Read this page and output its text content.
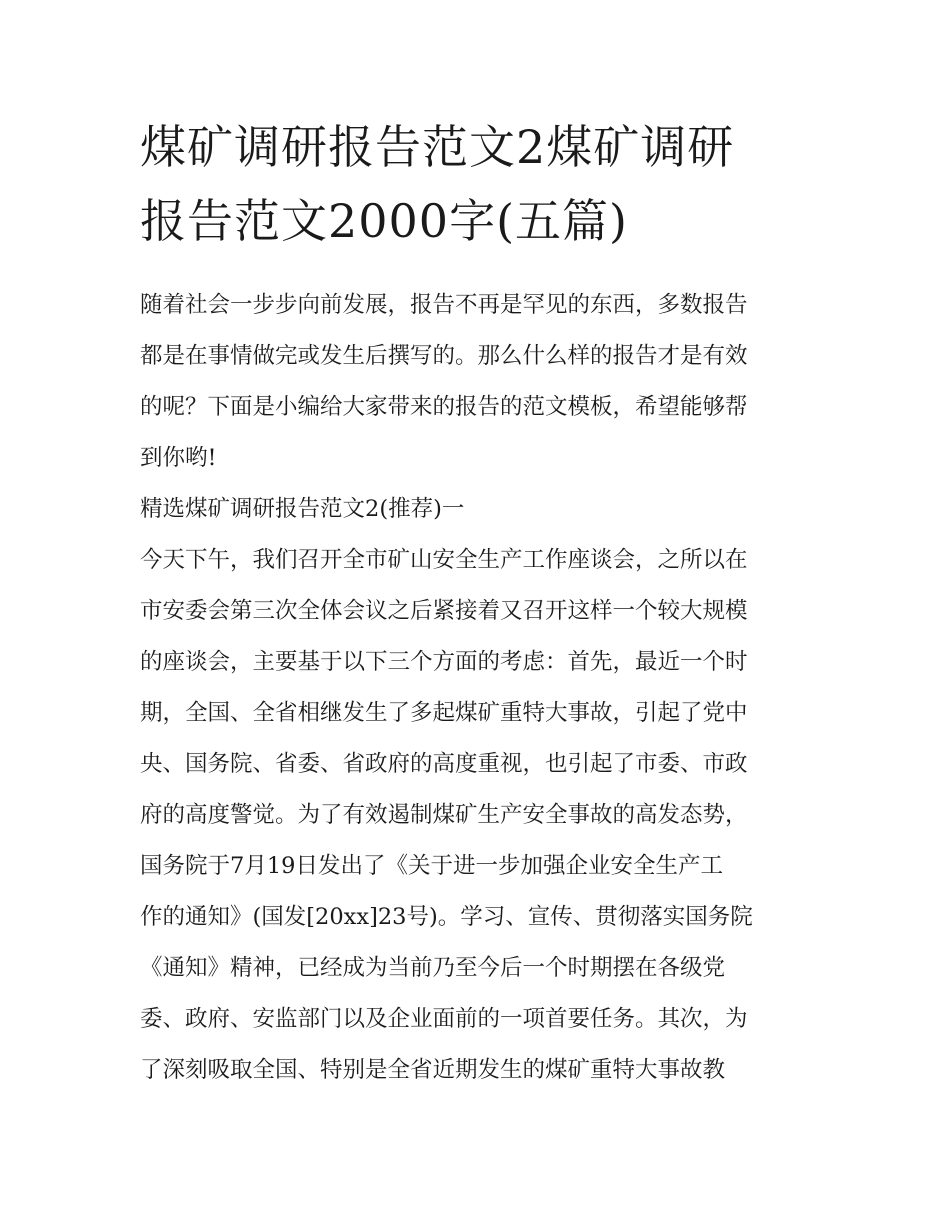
煤矿调研报告范文2煤矿调研
报告范文2000字(五篇)
随着社会一步步向前发展，报告不再是罕见的东西，多数报告
都是在事情做完或发生后撰写的。那么什么样的报告才是有效
的呢？下面是小编给大家带来的报告的范文模板，希望能够帮
到你哟!
精选煤矿调研报告范文2(推荐)一
今天下午，我们召开全市矿山安全生产工作座谈会，之所以在
市安委会第三次全体会议之后紧接着又召开这样一个较大规模
的座谈会，主要基于以下三个方面的考虑：首先，最近一个时
期，全国、全省相继发生了多起煤矿重特大事故，引起了党中
央、国务院、省委、省政府的高度重视，也引起了市委、市政
府的高度警觉。为了有效遏制煤矿生产安全事故的高发态势，
国务院于7月19日发出了《关于进一步加强企业安全生产工
作的通知》(国发[20xx]23号)。学习、宣传、贯彻落实国务院
《通知》精神，已经成为当前乃至今后一个时期摆在各级党
委、政府、安监部门以及企业面前的一项首要任务。其次，为
了深刻吸取全国、特别是全省近期发生的煤矿重特大事故教
